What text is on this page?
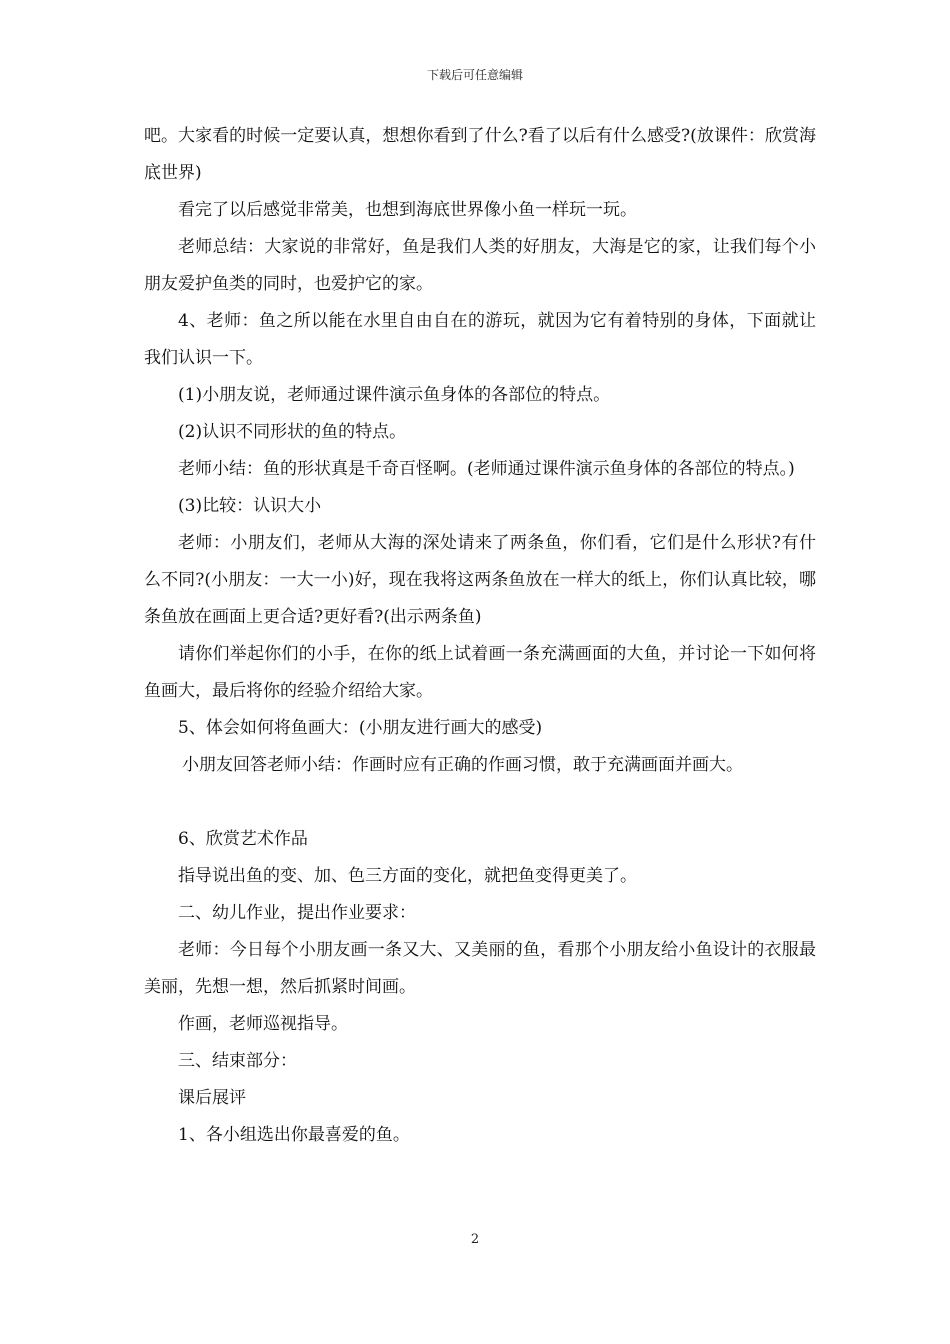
下载后可任意编辑

吧。大家看的时候一定要认真，想想你看到了什么?看了以后有什么感受?(放课件：欣赏海底世界)

看完了以后感觉非常美，也想到海底世界像小鱼一样玩一玩。

老师总结：大家说的非常好，鱼是我们人类的好朋友，大海是它的家，让我们每个小朋友爱护鱼类的同时，也爱护它的家。

4、老师：鱼之所以能在水里自由自在的游玩，就因为它有着特别的身体，下面就让我们认识一下。

(1)小朋友说，老师通过课件演示鱼身体的各部位的特点。

(2)认识不同形状的鱼的特点。

老师小结：鱼的形状真是千奇百怪啊。(老师通过课件演示鱼身体的各部位的特点。)

(3)比较：认识大小

老师：小朋友们，老师从大海的深处请来了两条鱼，你们看，它们是什么形状?有什么不同?(小朋友：一大一小)好，现在我将这两条鱼放在一样大的纸上，你们认真比较，哪条鱼放在画面上更合适?更好看?(出示两条鱼)

请你们举起你们的小手，在你的纸上试着画一条充满画面的大鱼，并讨论一下如何将鱼画大，最后将你的经验介绍给大家。

5、体会如何将鱼画大：(小朋友进行画大的感受)

小朋友回答老师小结：作画时应有正确的作画习惯，敢于充满画面并画大。

6、欣赏艺术作品

指导说出鱼的变、加、色三方面的变化，就把鱼变得更美了。

二、幼儿作业，提出作业要求：

老师：今日每个小朋友画一条又大、又美丽的鱼，看那个小朋友给小鱼设计的衣服最美丽，先想一想，然后抓紧时间画。

作画，老师巡视指导。

三、结束部分：

课后展评

1、各小组选出你最喜爱的鱼。

2
